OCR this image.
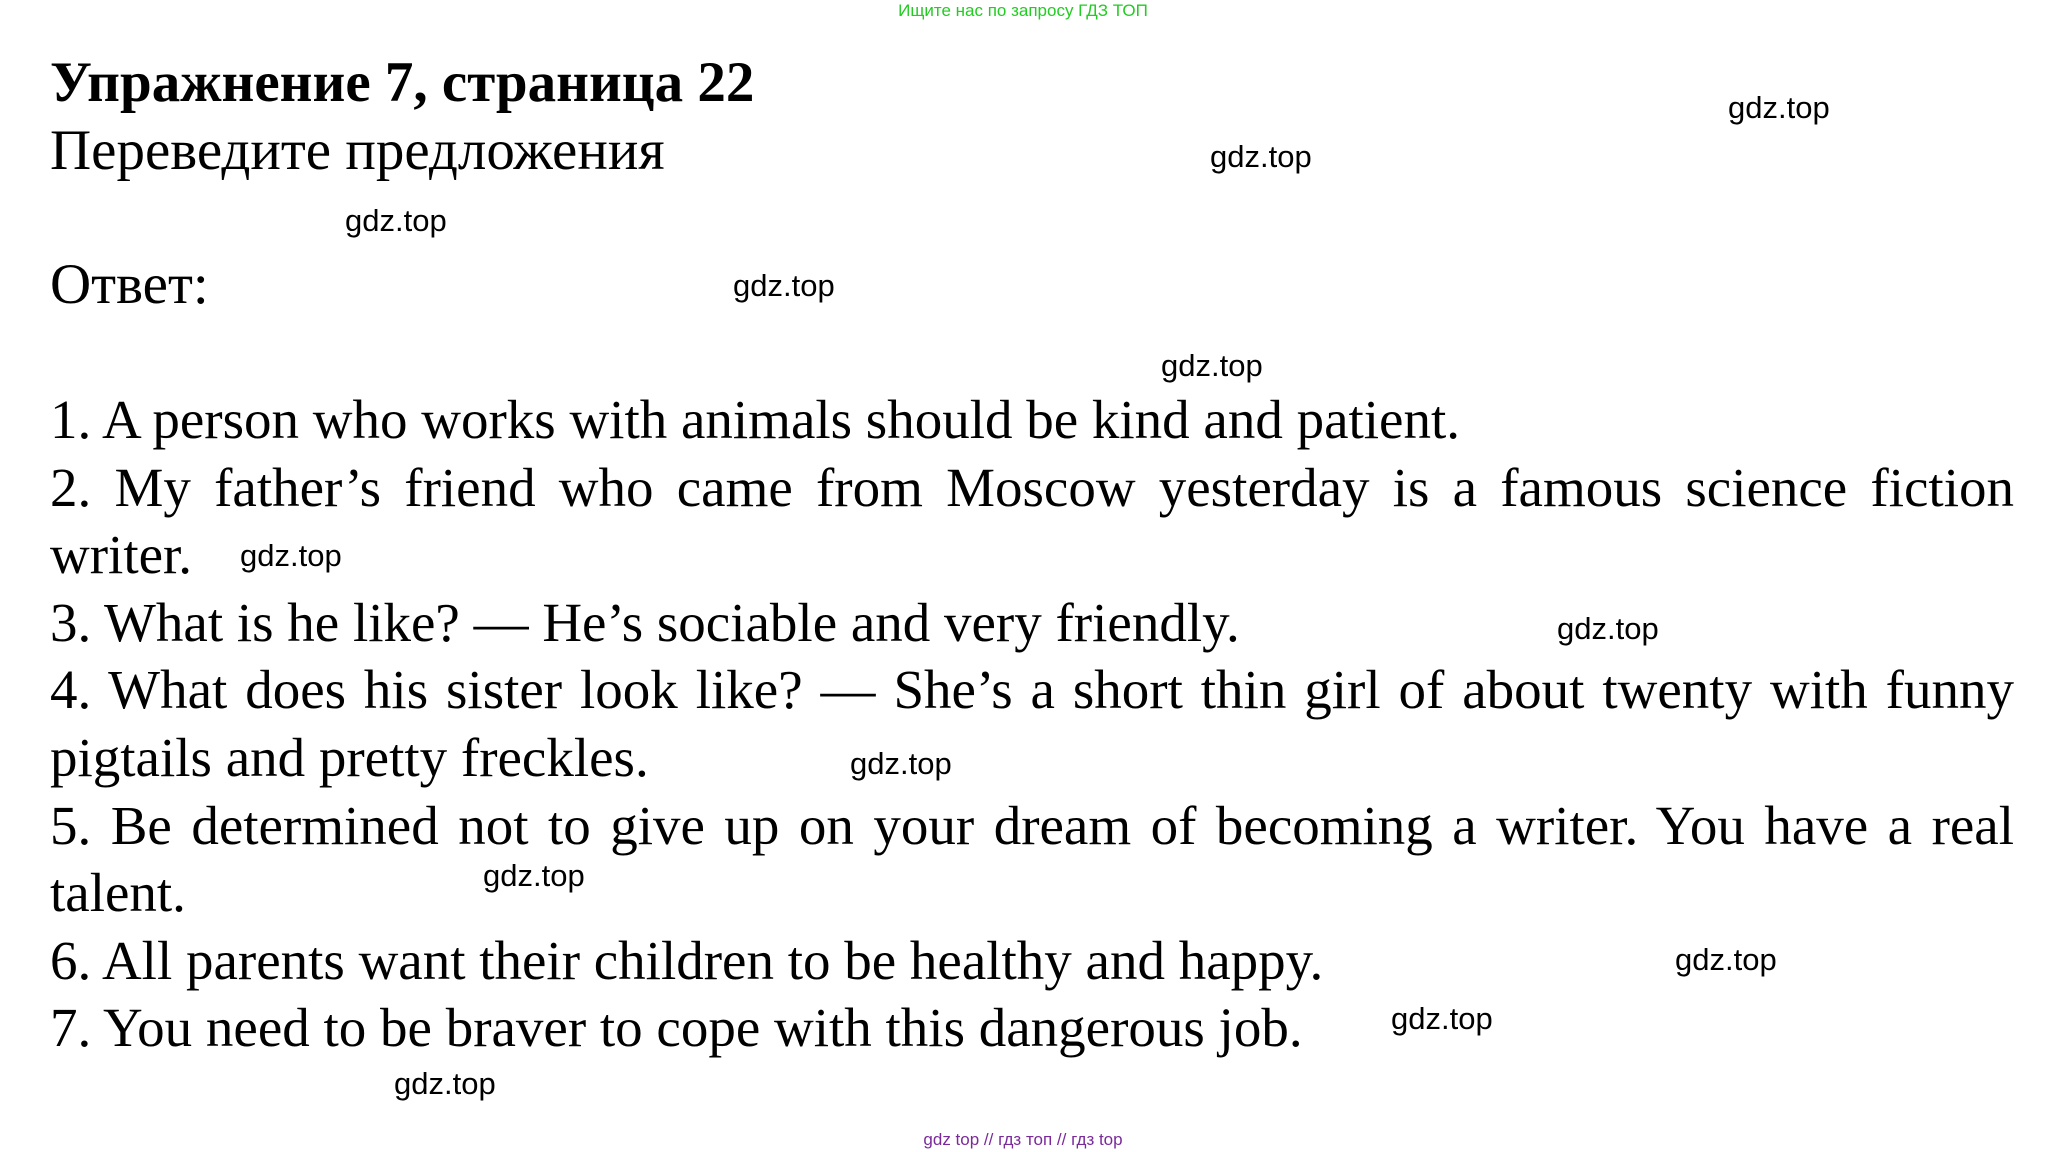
Ищите нас по запросу ГДЗ ТОП
Упражнение 7, страница 22
Переведите предложения
Ответ:
1. A person who works with animals should be kind and patient.
2. My father’s friend who came from Moscow yesterday is a famous science fiction writer.
3. What is he like? — He’s sociable and very friendly.
4. What does his sister look like? — She’s a short thin girl of about twenty with funny pigtails and pretty freckles.
5. Be determined not to give up on your dream of becoming a writer. You have a real talent.
6. All parents want their children to be healthy and happy.
7. You need to be braver to cope with this dangerous job.
gdz.top
gdz.top
gdz.top
gdz.top
gdz.top
gdz.top
gdz.top
gdz.top
gdz.top
gdz.top
gdz.top
gdz.top
gdz top // гдз топ // гдз top
